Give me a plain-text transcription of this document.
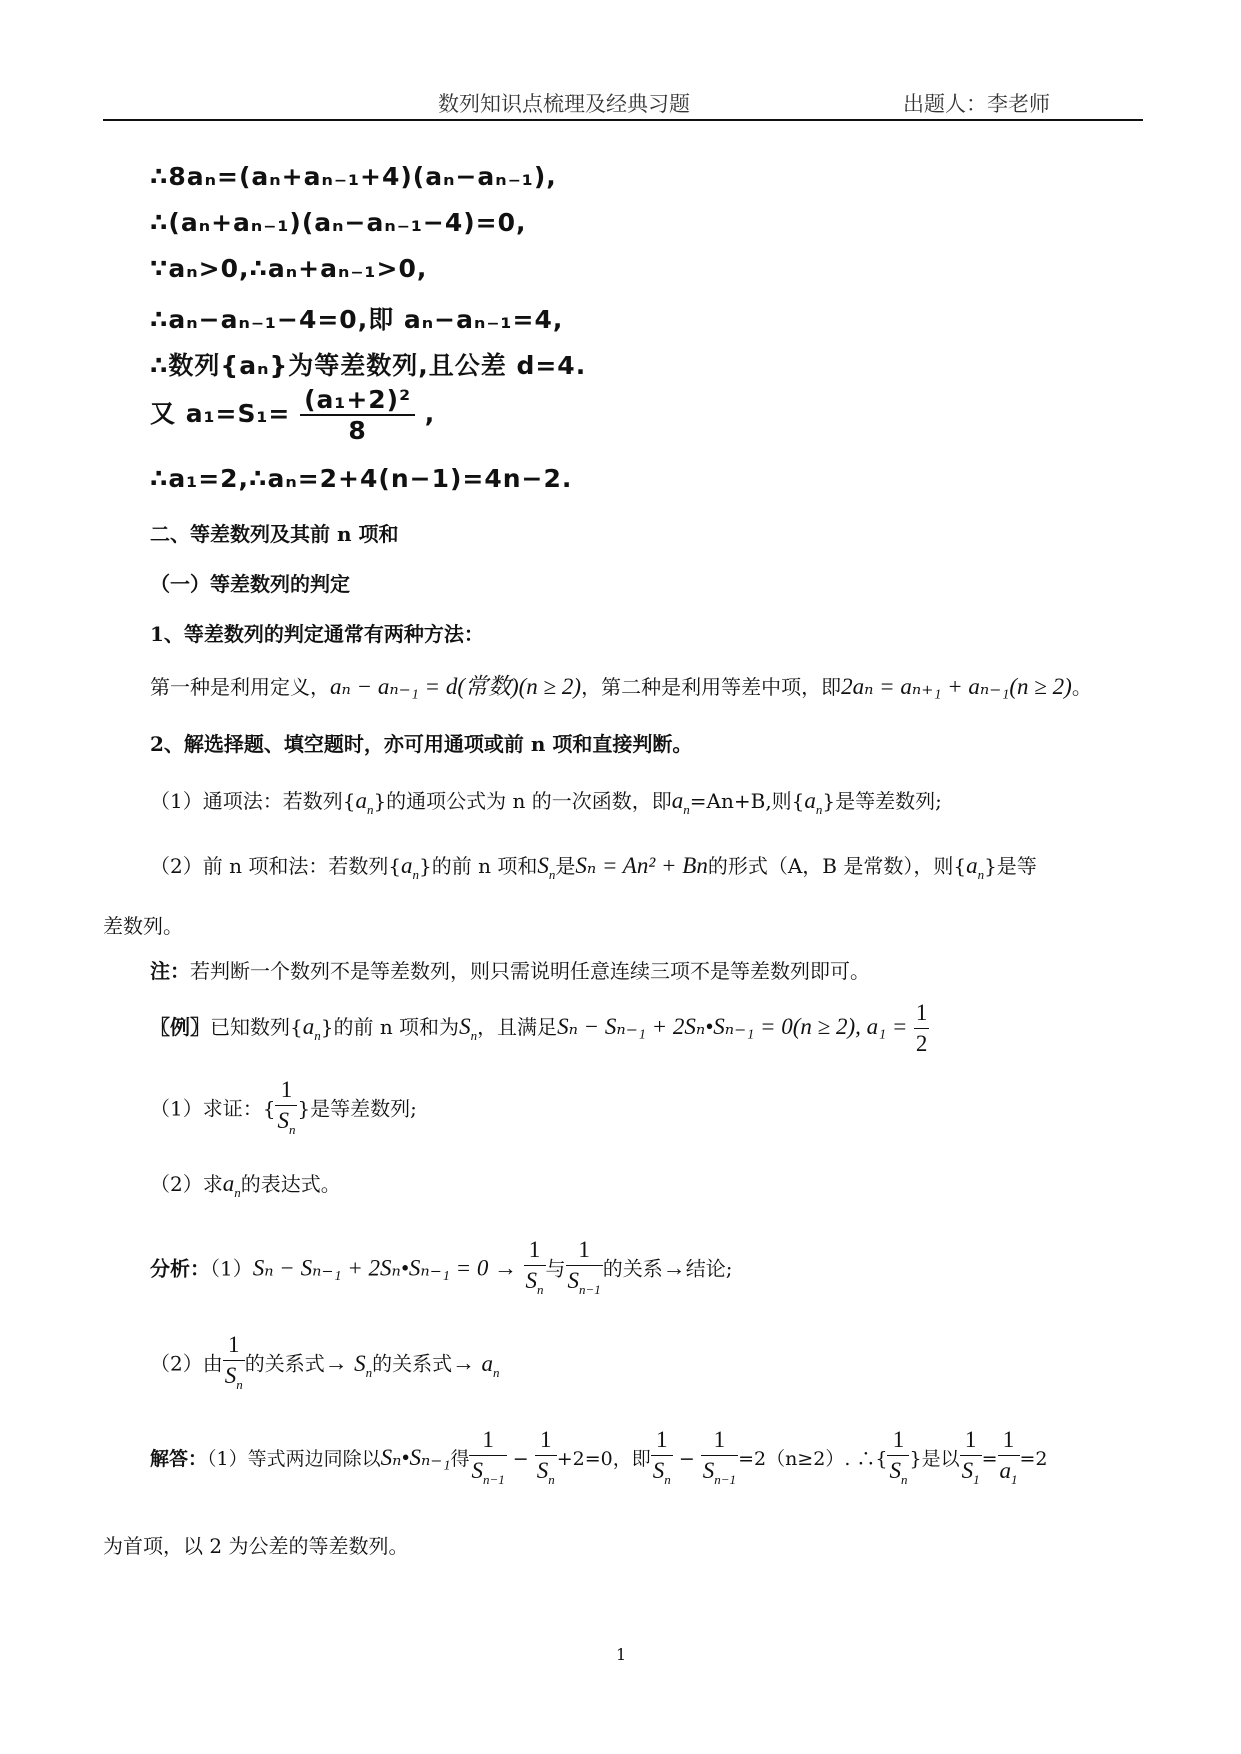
数列知识点梳理及经典习题	出题人：李老师
∴8aₙ=(aₙ+aₙ₋₁+4)(aₙ−aₙ₋₁),
∴(aₙ+aₙ₋₁)(aₙ−aₙ₋₁−4)=0,
∵aₙ>0,∴aₙ+aₙ₋₁>0,
∴aₙ−aₙ₋₁−4=0,即 aₙ−aₙ₋₁=4,
∴数列{aₙ}为等差数列,且公差 d=4.
又 $a_1=S_1= \frac{\text{(a₁+2)²}}{8}$ ,
∴a₁=2,∴aₙ=2+4(n−1)=4n−2.
二、等差数列及其前 n 项和
（一）等差数列的判定
1、等差数列的判定通常有两种方法：
第一种是利用定义，aₙ − aₙ₋₁ = d(常数)(n ≥ 2)，第二种是利用等差中项，即2aₙ = aₙ₊₁ + aₙ₋₁(n ≥ 2)。
2、解选择题、填空题时，亦可用通项或前 n 项和直接判断。
（1）通项法：若数列$\{a_n\}$的通项公式为 n 的一次函数，即$a_n=An+B$,则$\{a_n\}$是等差数列;
（2）前 n 项和法：若数列$\{a_n\}$的前 n 项和$S_n$是Sₙ = An² + Bn的形式（A，B 是常数），则$\{a_n\}$是等
差数列。
注：若判断一个数列不是等差数列，则只需说明任意连续三项不是等差数列即可。
〖例〗已知数列$\{a_n\}$的前 n 项和为$S_n$，且满足Sₙ − Sₙ₋₁ + 2Sₙ•Sₙ₋₁ = 0(n ≥ 2), $a_1 = \frac{1}{2}$
（1）求证：{ $\frac{1}{S_n}$ }是等差数列;
（2）求$a_n$的表达式。
分析：（1）Sₙ − Sₙ₋₁ + 2Sₙ•Sₙ₋₁ = $0 \to \frac{1}{S_n}$ 与 $\frac{1}{S_{n-1}}$ 的关系→结论;
（2）由 $\frac{1}{S_n}$ 的关系式→ $S_n$的关系式→ $a_n$
解答：（1）等式两边同除以Sₙ•Sₙ₋₁得 $\frac{1}{S_{n-1}} - \frac{1}{S_n} +2=0$，即 $\frac{1}{S_n} - \frac{1}{S_{n-1}} =2(n\ge 2)$. ∴{ $\frac{1}{S_n}$ }是以 $\frac{1}{S_1} = \frac{1}{a_1} =2$
为首项，以 2 为公差的等差数列。
1
